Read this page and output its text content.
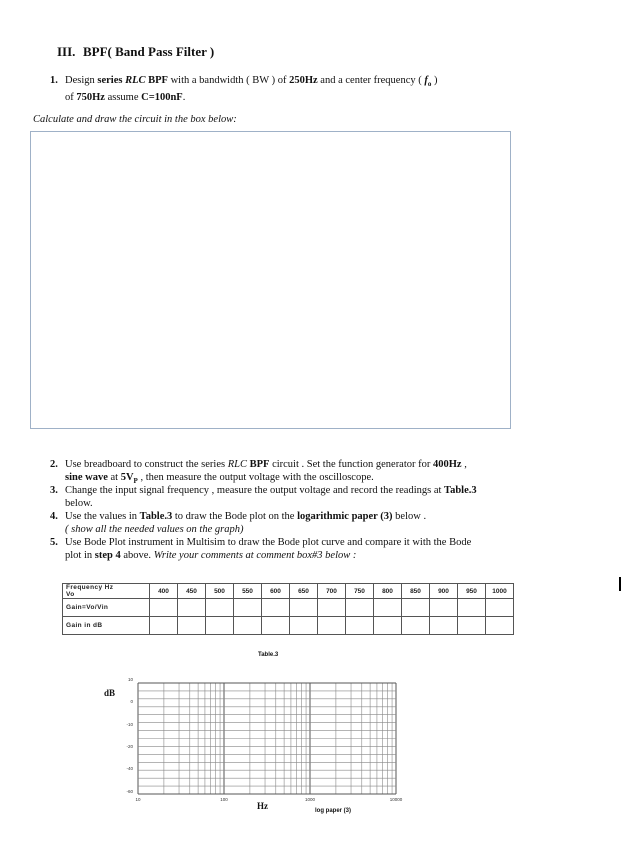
III. BPF( Band Pass Filter )
1. Design series RLC BPF with a bandwidth ( BW ) of 250Hz and a center frequency ( $f_o$ )
of 750Hz assume C=100nF.
Calculate and draw the circuit in the box below:
2. Use breadboard to construct the series RLC BPF circuit . Set the function generator for 400Hz , sine wave at $5V_P$ , then measure the output voltage with the oscilloscope.
3. Change the input signal frequency , measure the output voltage and record the readings at Table.3 below.
4. Use the values in Table.3 to draw the Bode plot on the logarithmic paper (3) below .
( show all the needed values on the graph)
5. Use Bode Plot instrument in Multisim to draw the Bode plot curve and compare it with the Bode plot in step 4 above. Write your comments at comment box#3 below :
Frequency Hz
Vo	400	450	500	550	600	650	700	750	800	850	900	950	1000
Gain=Vo/Vin													
Gain in dB													
Table.3
10
0
-10
-20
-40
-60
10	100	1000	10000
dB
Hz	log paper (3)
